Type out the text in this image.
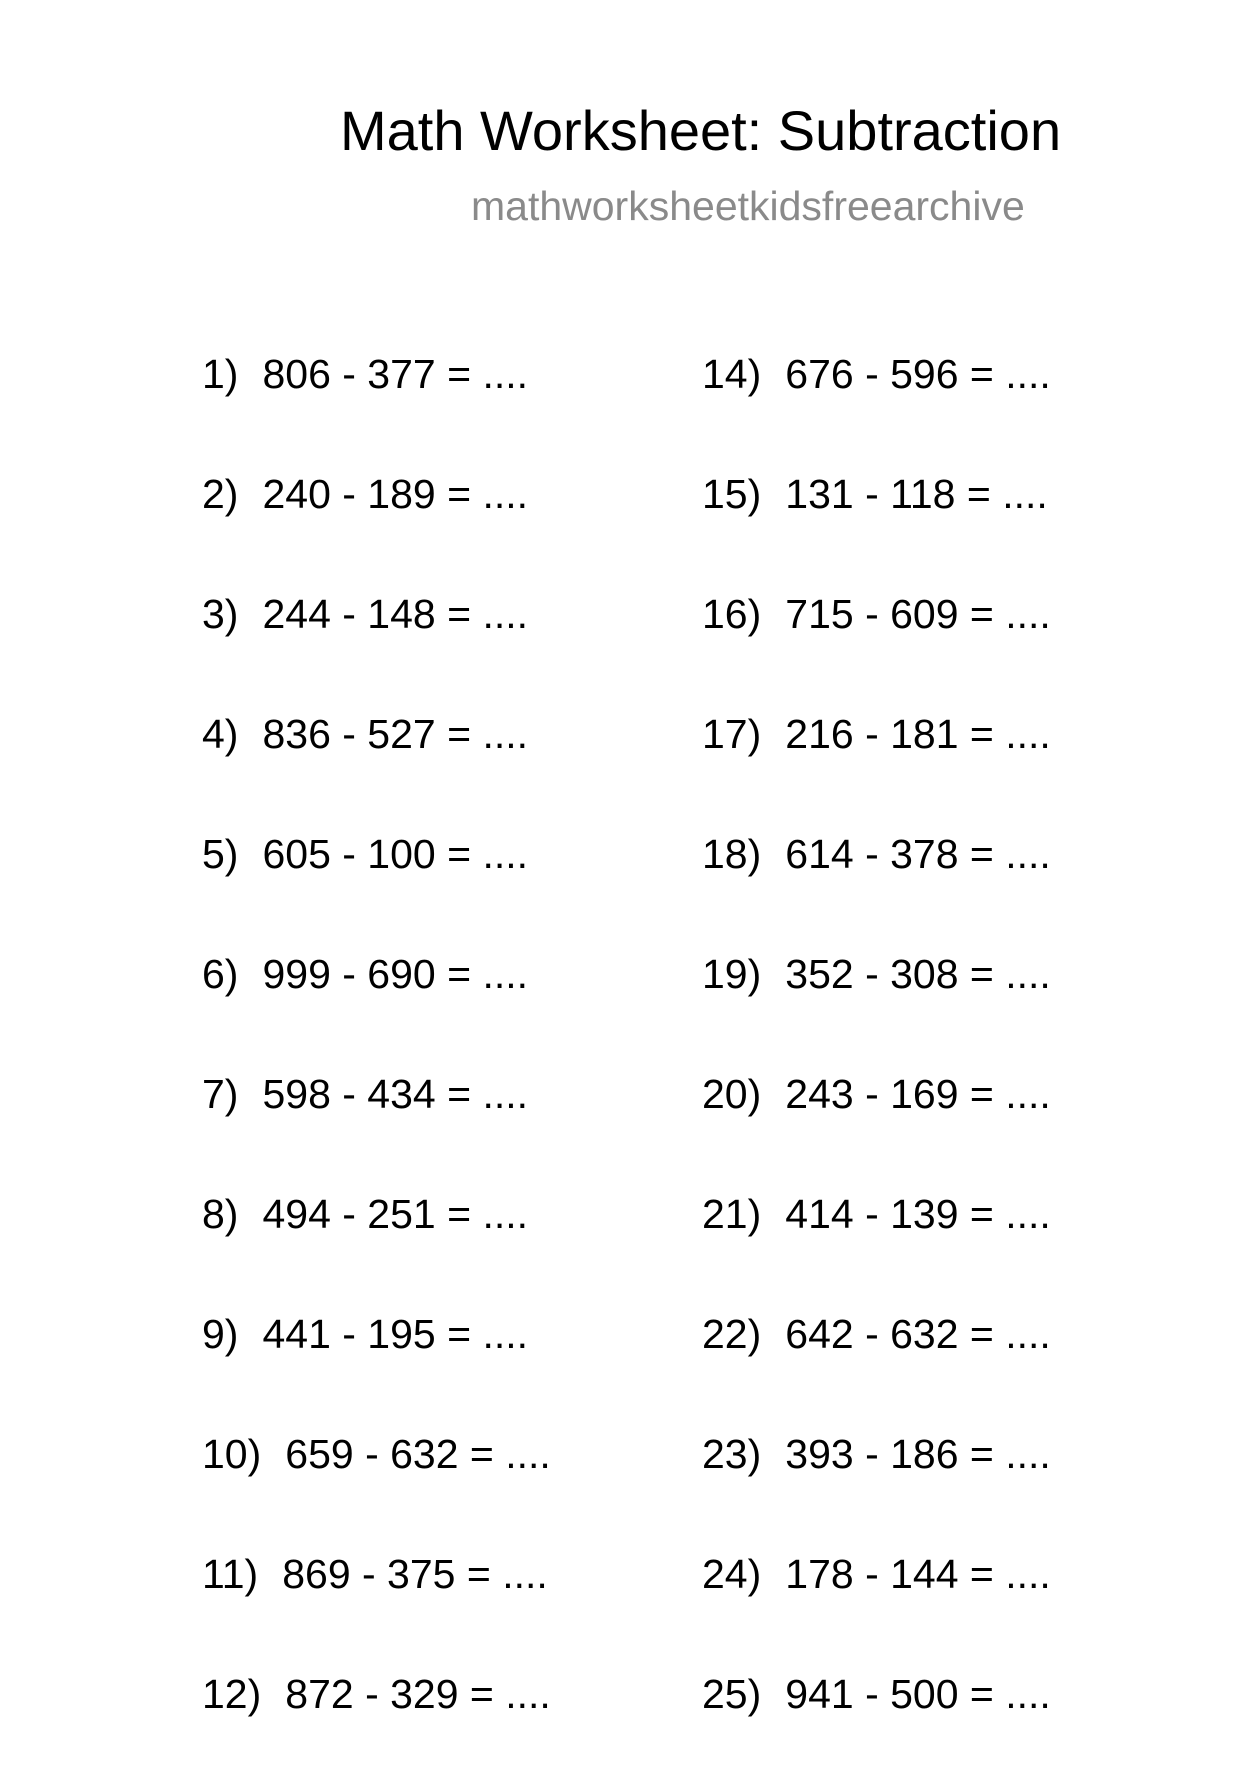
Math Worksheet: Subtraction
mathworksheetkidsfreearchive
1) 806 - 377 = ....
2) 240 - 189 = ....
3) 244 - 148 = ....
4) 836 - 527 = ....
5) 605 - 100 = ....
6) 999 - 690 = ....
7) 598 - 434 = ....
8) 494 - 251 = ....
9) 441 - 195 = ....
10) 659 - 632 = ....
11) 869 - 375 = ....
12) 872 - 329 = ....
14) 676 - 596 = ....
15) 131 - 118 = ....
16) 715 - 609 = ....
17) 216 - 181 = ....
18) 614 - 378 = ....
19) 352 - 308 = ....
20) 243 - 169 = ....
21) 414 - 139 = ....
22) 642 - 632 = ....
23) 393 - 186 = ....
24) 178 - 144 = ....
25) 941 - 500 = ....
